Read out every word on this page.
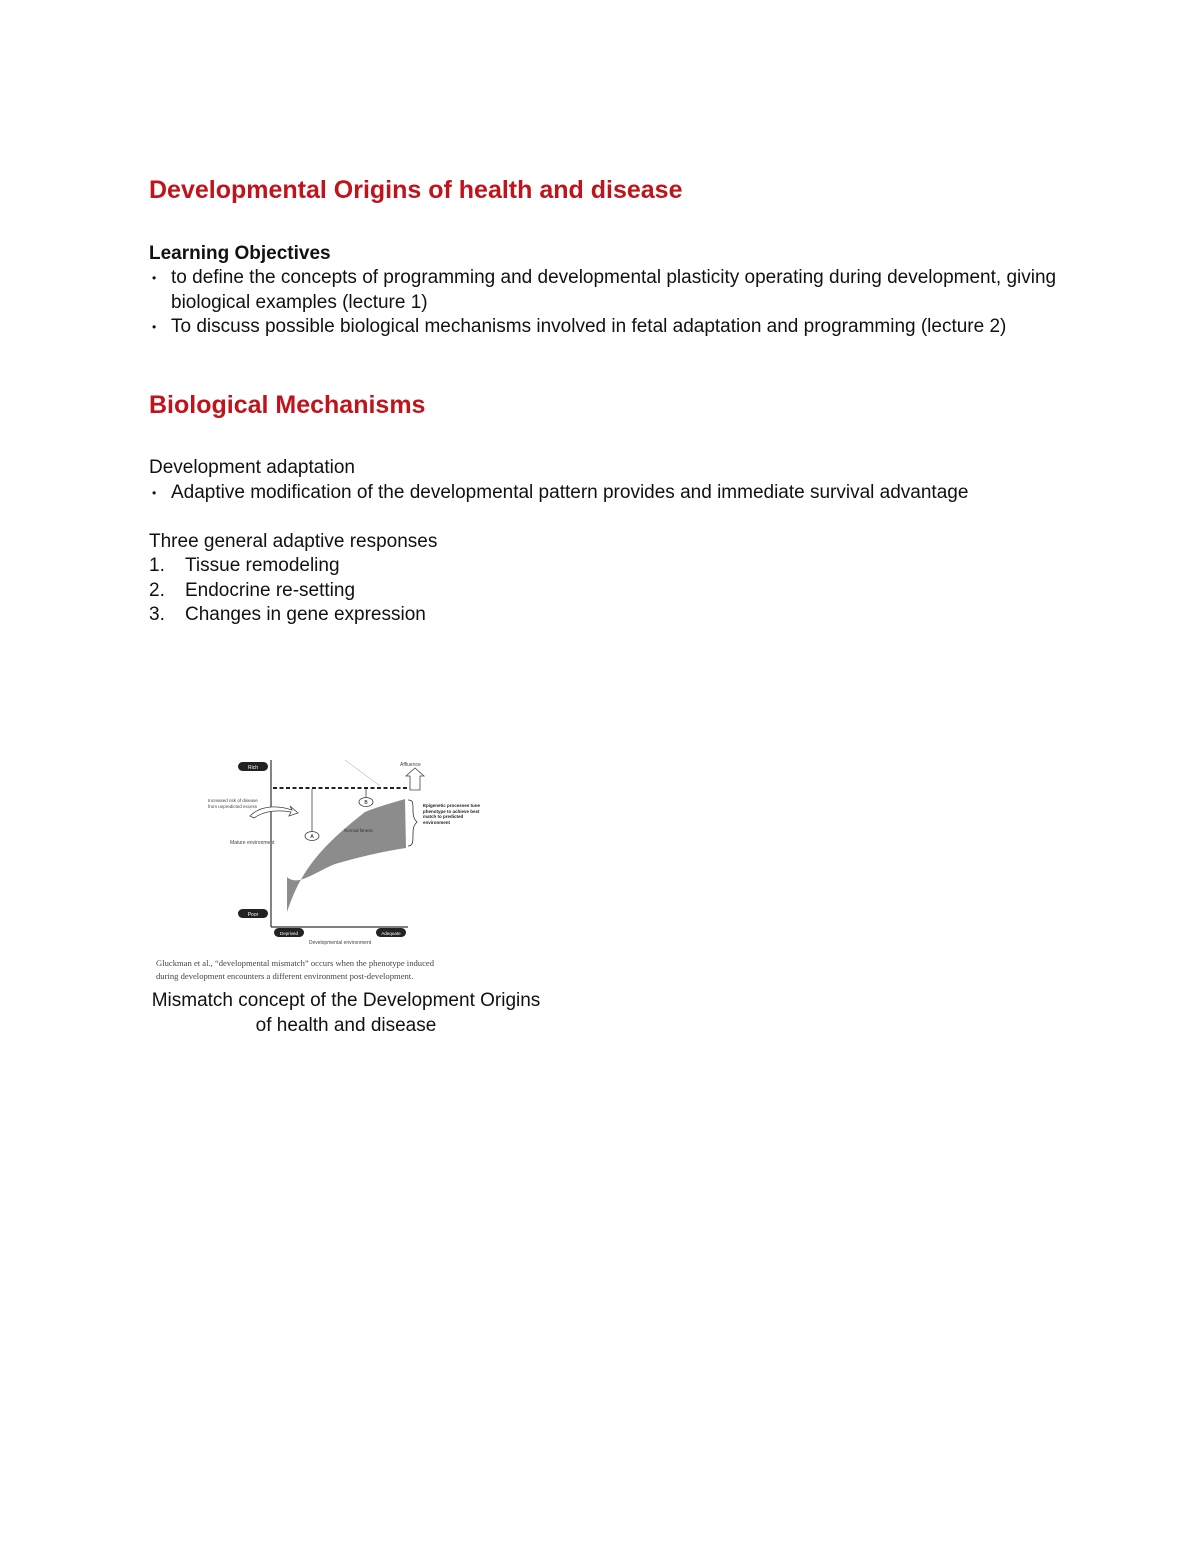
Developmental Origins of health and disease

Learning Objectives

• to define the concepts of programming and developmental plasticity operating during development, giving biological examples (lecture 1)
• To discuss possible biological mechanisms involved in fetal adaptation and programming (lecture 2)
Biological Mechanisms

Development adaptation

• Adaptive modification of the developmental pattern provides and immediate survival advantage

Three general adaptive responses

1. Tissue remodeling
2. Endocrine re-setting
3. Changes in gene expression
Rich
Poor
Deprived	Adequate
Developmental environment
Mature environment
Affluence
Normal fitness
A
B
Increased risk of disease from unpredicted excess	Epigenetic processes tune phenotype to achieve best match to predicted environment
Gluckman et al., “developmental mismatch” occurs when the phenotype induced
during development encounters a different environment post-development.

Mismatch concept of the Development Origins of health and disease
